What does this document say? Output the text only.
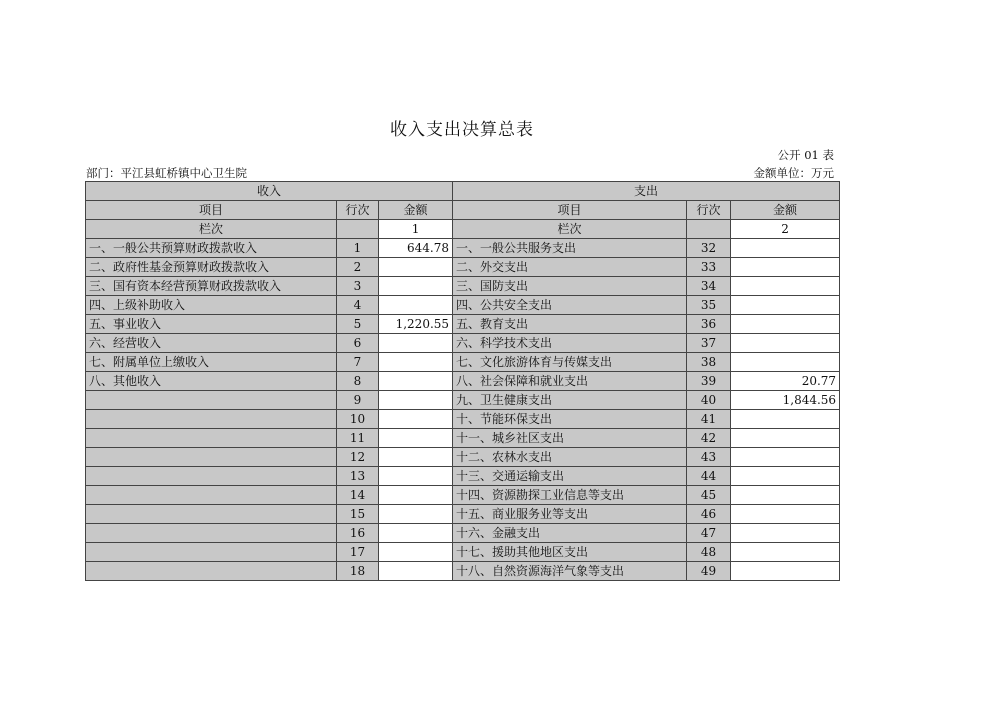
收入支出决算总表
公开 01 表
部门：平江县虹桥镇中心卫生院	金额单位：万元
收入			支出		
项目	行次	金额	项目	行次	金额
栏次		1	栏次		2
一、一般公共预算财政拨款收入	1	644.78	一、一般公共服务支出	32	
二、政府性基金预算财政拨款收入	2		二、外交支出	33	
三、国有资本经营预算财政拨款收入	3		三、国防支出	34	
四、上级补助收入	4		四、公共安全支出	35	
五、事业收入	5	1,220.55	五、教育支出	36	
六、经营收入	6		六、科学技术支出	37	
七、附属单位上缴收入	7		七、文化旅游体育与传媒支出	38	
八、其他收入	8		八、社会保障和就业支出	39	20.77
	9		九、卫生健康支出	40	1,844.56
	10		十、节能环保支出	41	
	11		十一、城乡社区支出	42	
	12		十二、农林水支出	43	
	13		十三、交通运输支出	44	
	14		十四、资源勘探工业信息等支出	45	
	15		十五、商业服务业等支出	46	
	16		十六、金融支出	47	
	17		十七、援助其他地区支出	48	
	18		十八、自然资源海洋气象等支出	49	
